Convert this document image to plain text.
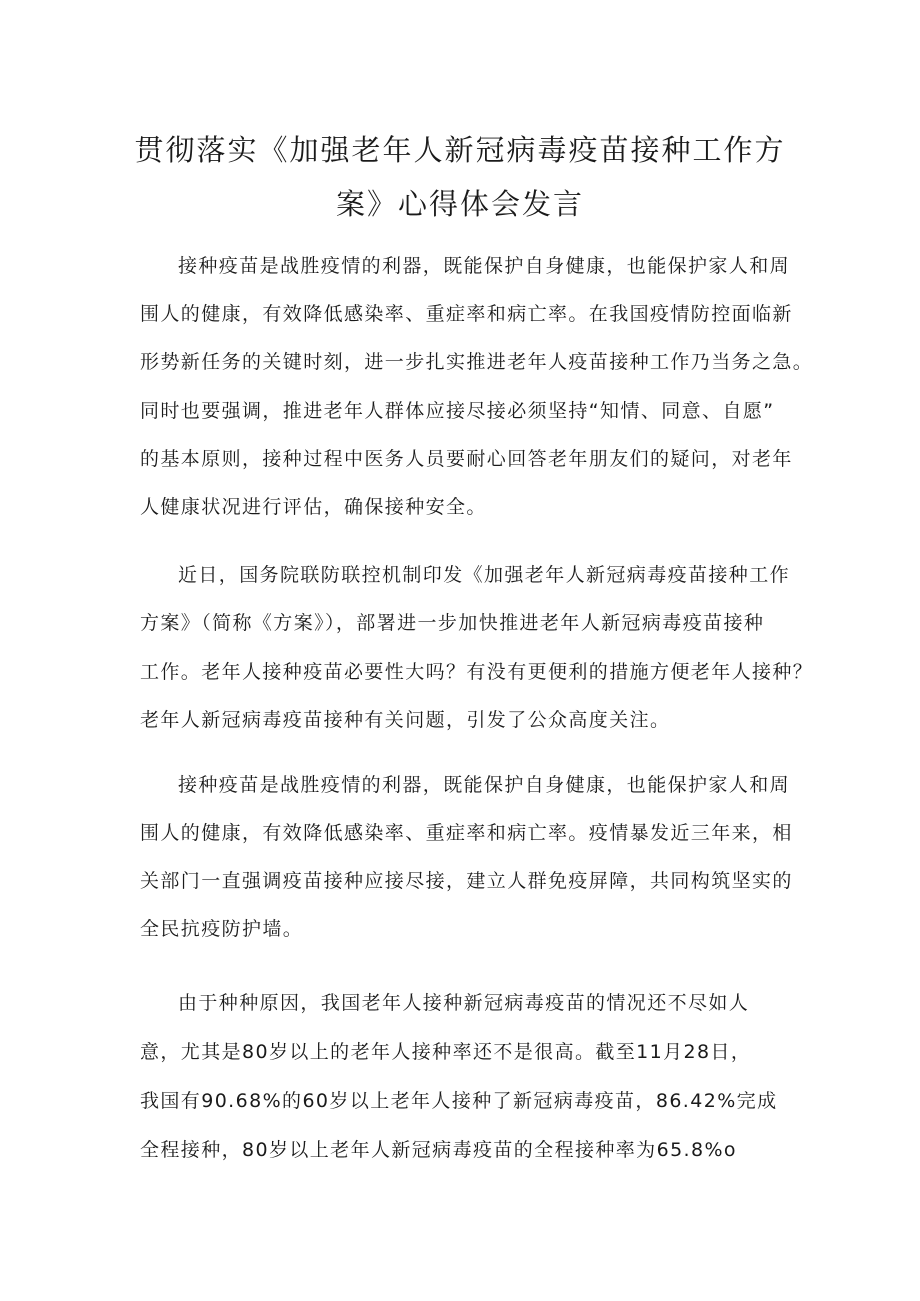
贯彻落实《加强老年人新冠病毒疫苗接种工作方
案》心得体会发言

接种疫苗是战胜疫情的利器，既能保护自身健康，也能保护家人和周

围人的健康，有效降低感染率、重症率和病亡率。在我国疫情防控面临新

形势新任务的关键时刻，进一步扎实推进老年人疫苗接种工作乃当务之急。

同时也要强调，推进老年人群体应接尽接必须坚持“知情、同意、自愿”

的基本原则，接种过程中医务人员要耐心回答老年朋友们的疑问，对老年

人健康状况进行评估，确保接种安全。

近日，国务院联防联控机制印发《加强老年人新冠病毒疫苗接种工作

方案》（简称《方案》），部署进一步加快推进老年人新冠病毒疫苗接种

工作。老年人接种疫苗必要性大吗？有没有更便利的措施方便老年人接种？

老年人新冠病毒疫苗接种有关问题，引发了公众高度关注。

接种疫苗是战胜疫情的利器，既能保护自身健康，也能保护家人和周

围人的健康，有效降低感染率、重症率和病亡率。疫情暴发近三年来，相

关部门一直强调疫苗接种应接尽接，建立人群免疫屏障，共同构筑坚实的

全民抗疫防护墙。

由于种种原因，我国老年人接种新冠病毒疫苗的情况还不尽如人

意，尤其是80岁以上的老年人接种率还不是很高。截至11月28日，

我国有90.68%的60岁以上老年人接种了新冠病毒疫苗，86.42%完成

全程接种，80岁以上老年人新冠病毒疫苗的全程接种率为65.8%o
